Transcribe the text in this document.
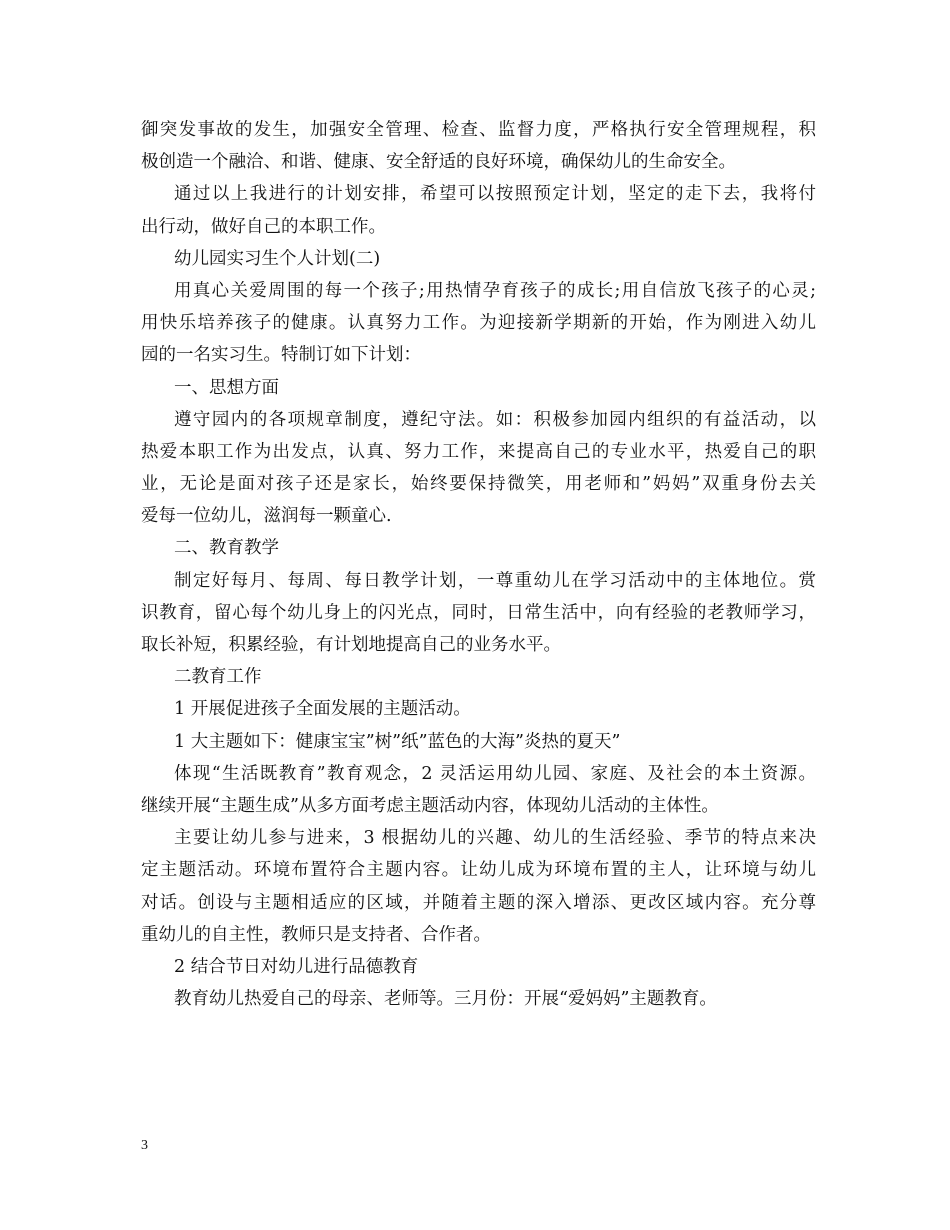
御突发事故的发生，加强安全管理、检查、监督力度，严格执行安全管理规程，积
极创造一个融洽、和谐、健康、安全舒适的良好环境，确保幼儿的生命安全。
通过以上我进行的计划安排，希望可以按照预定计划，坚定的走下去，我将付
出行动，做好自己的本职工作。
幼儿园实习生个人计划(二)
用真心关爱周围的每一个孩子;用热情孕育孩子的成长;用自信放飞孩子的心灵;
用快乐培养孩子的健康。认真努力工作。为迎接新学期新的开始，作为刚进入幼儿
园的一名实习生。特制订如下计划：
一、思想方面
遵守园内的各项规章制度，遵纪守法。如：积极参加园内组织的有益活动，以
热爱本职工作为出发点，认真、努力工作，来提高自己的专业水平，热爱自己的职
业，无论是面对孩子还是家长，始终要保持微笑，用老师和”妈妈”双重身份去关
爱每一位幼儿，滋润每一颗童心.
二、教育教学
制定好每月、每周、每日教学计划，一尊重幼儿在学习活动中的主体地位。赏
识教育，留心每个幼儿身上的闪光点，同时，日常生活中，向有经验的老教师学习，
取长补短，积累经验，有计划地提高自己的业务水平。
二教育工作
1 开展促进孩子全面发展的主题活动。
1 大主题如下：健康宝宝”树”纸”蓝色的大海”炎热的夏天”
体现“生活既教育”教育观念，2 灵活运用幼儿园、家庭、及社会的本土资源。
继续开展“主题生成”从多方面考虑主题活动内容，体现幼儿活动的主体性。
主要让幼儿参与进来，3 根据幼儿的兴趣、幼儿的生活经验、季节的特点来决
定主题活动。环境布置符合主题内容。让幼儿成为环境布置的主人，让环境与幼儿
对话。创设与主题相适应的区域，并随着主题的深入增添、更改区域内容。充分尊
重幼儿的自主性，教师只是支持者、合作者。
2 结合节日对幼儿进行品德教育
教育幼儿热爱自己的母亲、老师等。三月份：开展“爱妈妈”主题教育。
3
